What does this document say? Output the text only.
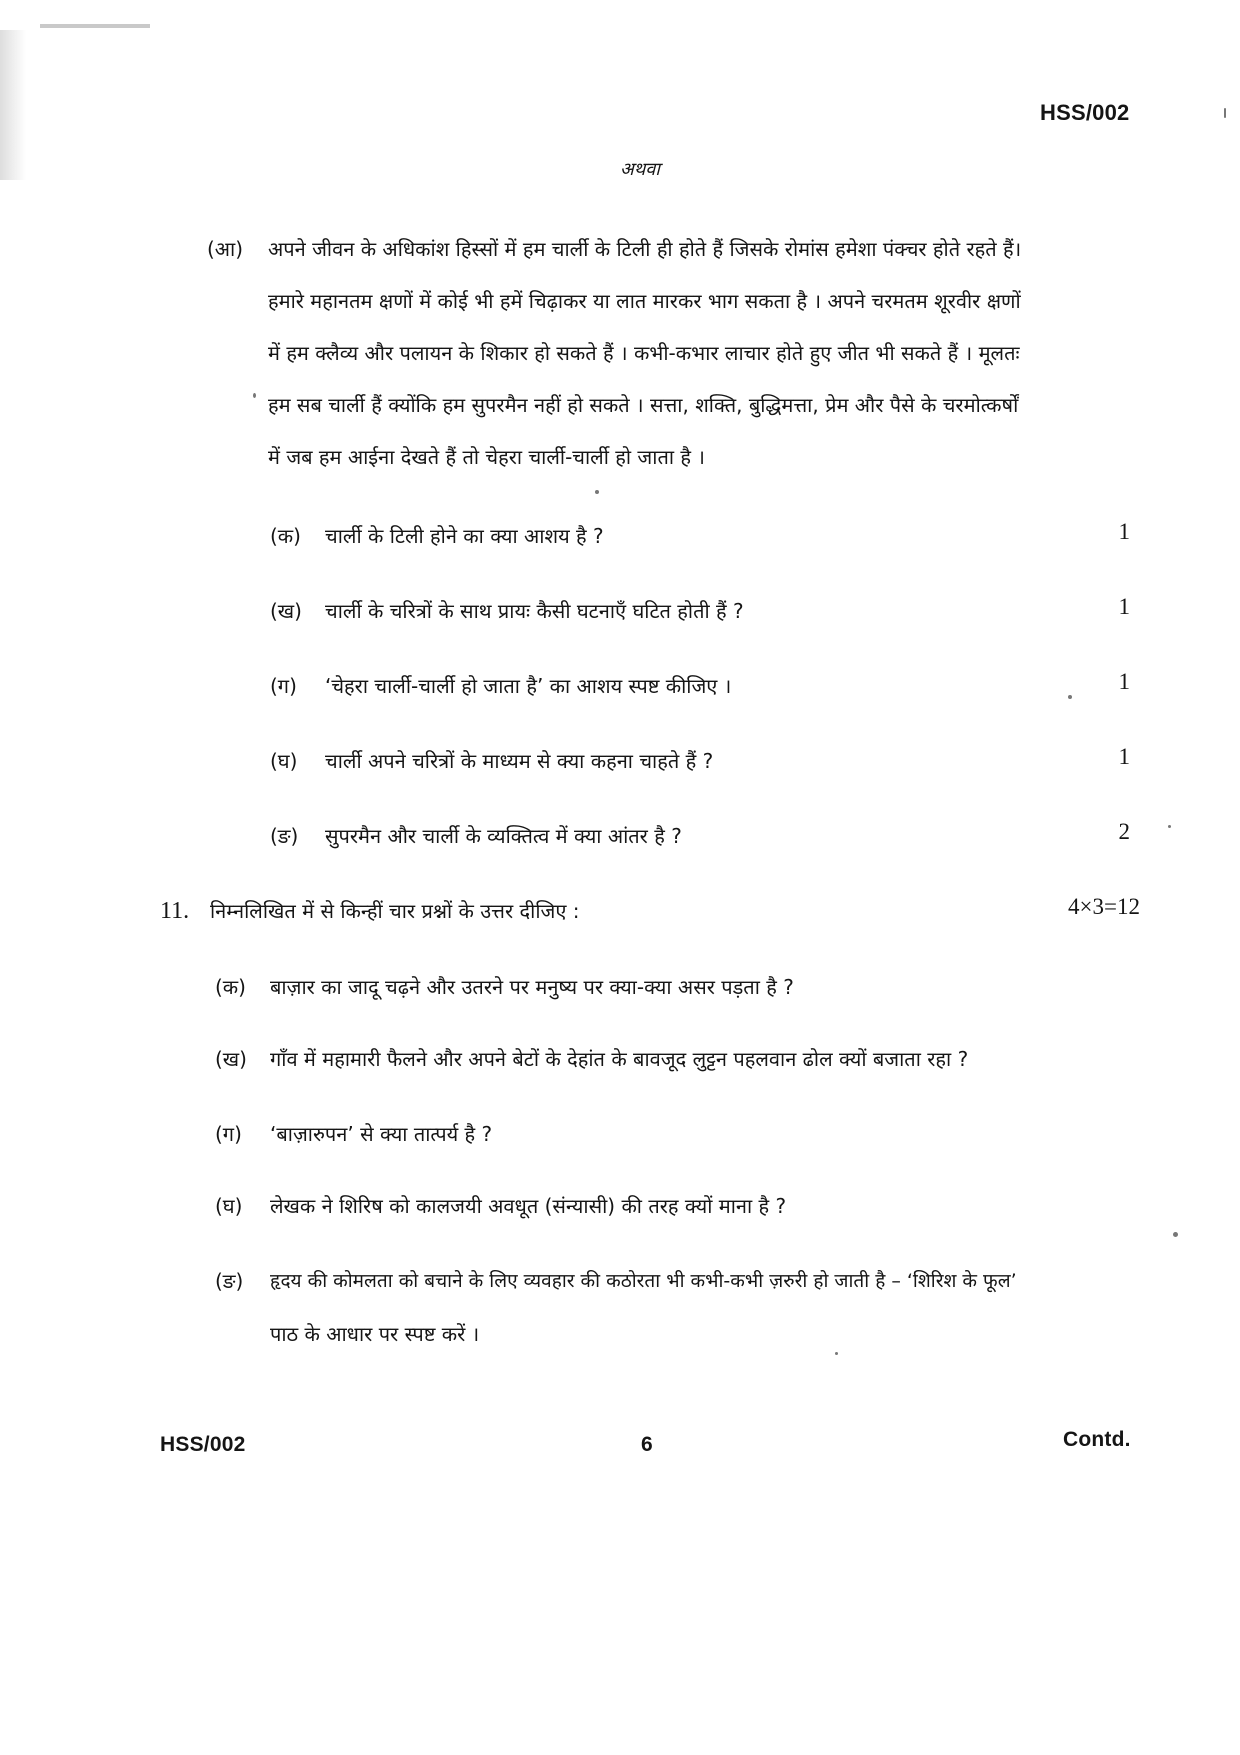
HSS/002
अथवा
(आ) अपने जीवन के अधिकांश हिस्सों में हम चार्ली के टिली ही होते हैं जिसके रोमांस हमेशा पंक्चर होते रहते हैं।
हमारे महानतम क्षणों में कोई भी हमें चिढ़ाकर या लात मारकर भाग सकता है । अपने चरमतम शूरवीर क्षणों
में हम क्लैव्य और पलायन के शिकार हो सकते हैं । कभी-कभार लाचार होते हुए जीत भी सकते हैं । मूलतः
हम सब चार्ली हैं क्योंकि हम सुपरमैन नहीं हो सकते । सत्ता, शक्ति, बुद्धिमत्ता, प्रेम और पैसे के चरमोत्कर्षों
में जब हम आईना देखते हैं तो चेहरा चार्ली-चार्ली हो जाता है ।
(क) चार्ली के टिली होने का क्या आशय है ?	1
(ख) चार्ली के चरित्रों के साथ प्रायः कैसी घटनाएँ घटित होती हैं ?	1
(ग) ‘चेहरा चार्ली-चार्ली हो जाता है’ का आशय स्पष्ट कीजिए ।	1
(घ) चार्ली अपने चरित्रों के माध्यम से क्या कहना चाहते हैं ?	1
(ङ) सुपरमैन और चार्ली के व्यक्तित्व में क्या आंतर है ?	2
11. निम्नलिखित में से किन्हीं चार प्रश्नों के उत्तर दीजिए :	4×3=12
(क) बाज़ार का जादू चढ़ने और उतरने पर मनुष्य पर क्या-क्या असर पड़ता है ?
(ख) गाँव में महामारी फैलने और अपने बेटों के देहांत के बावजूद लुट्टन पहलवान ढोल क्यों बजाता रहा ?
(ग) ‘बाज़ारुपन’ से क्या तात्पर्य है ?
(घ) लेखक ने शिरिष को कालजयी अवधूत (संन्यासी) की तरह क्यों माना है ?
(ङ) हृदय की कोमलता को बचाने के लिए व्यवहार की कठोरता भी कभी-कभी ज़रुरी हो जाती है – ‘शिरिश के फूल’
पाठ के आधार पर स्पष्ट करें ।
HSS/002	6	Contd.
